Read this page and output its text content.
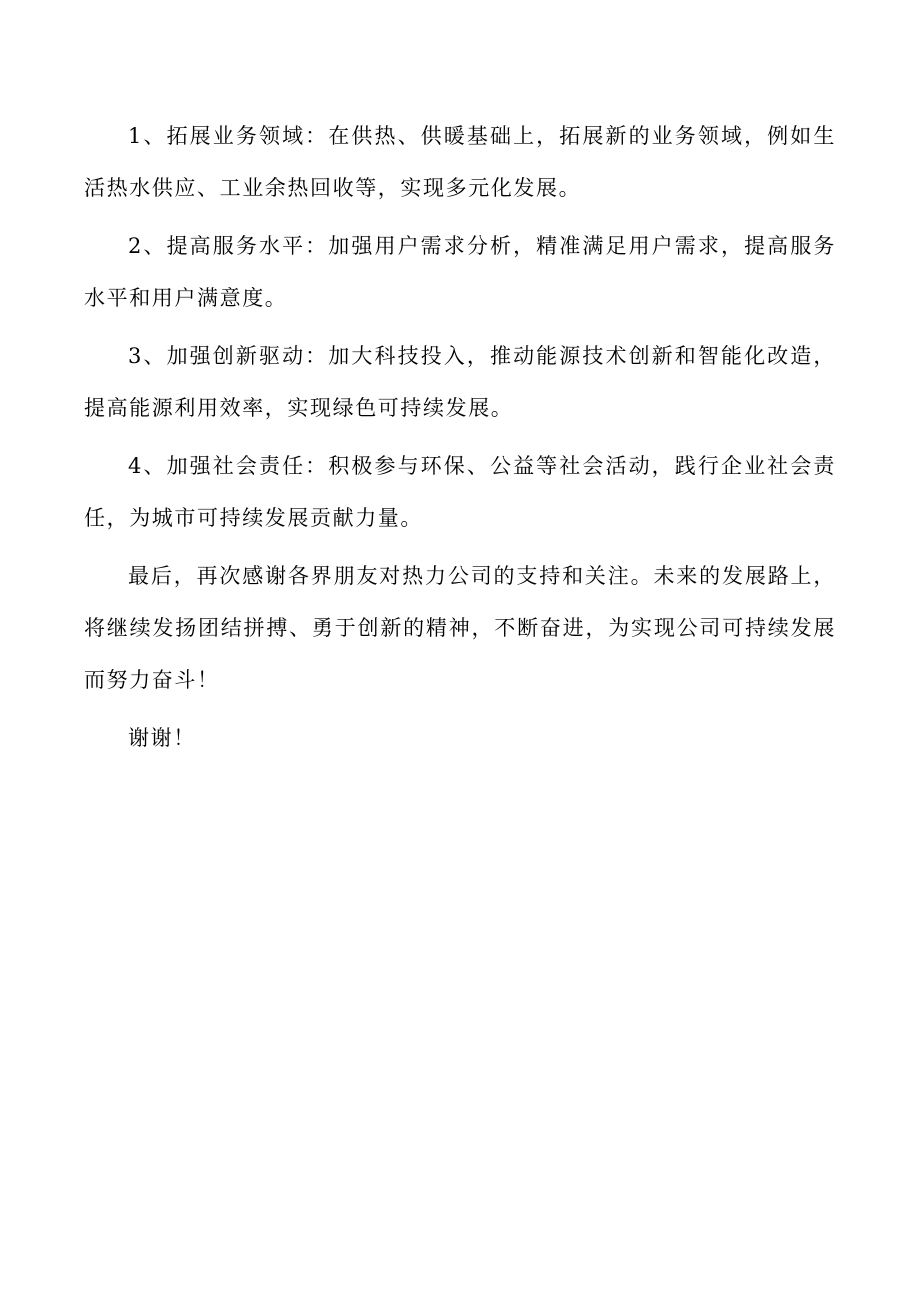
1、拓展业务领域：在供热、供暖基础上，拓展新的业务领域，例如生活热水供应、工业余热回收等，实现多元化发展。

2、提高服务水平：加强用户需求分析，精准满足用户需求，提高服务水平和用户满意度。

3、加强创新驱动：加大科技投入，推动能源技术创新和智能化改造，提高能源利用效率，实现绿色可持续发展。

4、加强社会责任：积极参与环保、公益等社会活动，践行企业社会责任，为城市可持续发展贡献力量。

最后，再次感谢各界朋友对热力公司的支持和关注。未来的发展路上，将继续发扬团结拼搏、勇于创新的精神，不断奋进，为实现公司可持续发展而努力奋斗！

谢谢！
